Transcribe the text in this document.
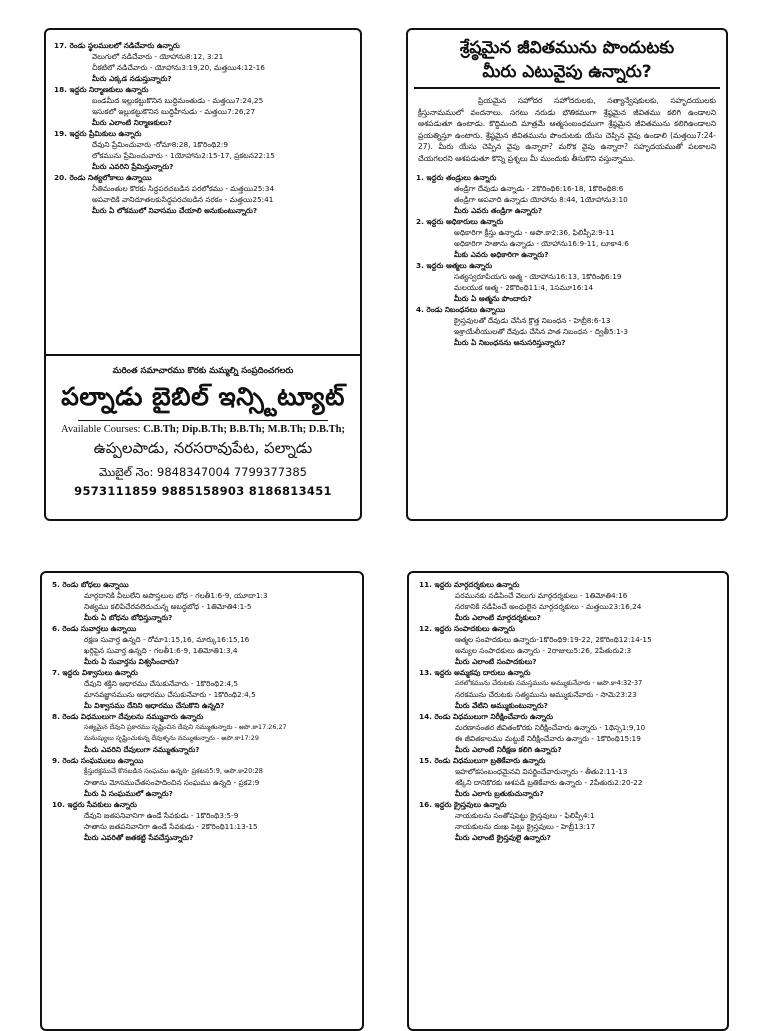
17. రెండు స్థలములలో నడిచేవారు ఉన్నారు
వెలుగులో నడిచేవారు - యోహాను8:12, 3:21
చీకటిలో నడిచేవారు - యోహాను3:19,20, మత్తయి4:12-16
మీరు ఎక్కడ నడుస్తున్నారు?
18. ఇద్దరు నిర్మాణకులు ఉన్నారు
బండమీద ఇల్లుకట్టుకొనిన బుద్ధిమంతుడు - మత్తయి7:24,25
ఇసుకలో ఇల్లుకట్టుకొనిన బుద్ధిహీనుడు - మత్తయి7:26,27
మీరు ఎలాంటి నిర్మాణకులు?
19. ఇద్దరు ప్రేమికులు ఉన్నారు
దేవుని ప్రేమించువారు -రోమా8:28, 1కొరింథి2:9
లోకమును ప్రేమించువారు - 1యోహాను2:15-17, ప్రకటన22:15
మీరు ఎవరిని ప్రేమిస్తున్నారు?
20. రెండు నిత్యలోకాలు ఉన్నాయి
నీతిమంతుల కొరకు సిద్ధపరచబడిన పరలోకము - మత్తయి25:34
అపవాదికి వానిదూతలకుసిద్ధపరచబడిన నరకం - మత్తయి25:41
మీరు ఏ లోకములో నివాసము చేయాలి అనుకుంటున్నారు?
మరింత సమాచారము కొరకు మమ్మల్ని సంప్రదించగలరు
పల్నాడు బైబిల్ ఇన్స్టిట్యూట్
Available Courses: C.B.Th; Dip.B.Th; B.B.Th; M.B.Th; D.B.Th;
ఉప్పలపాడు, నరసరావుపేట, పల్నాడు
మొబైల్ నెం: 9848347004 7799377385
9573111859 9885158903 8186813451
శ్రేష్ఠమైన జీవితమును పొందుటకు
మీరు ఎటువైపు ఉన్నారు?

ప్రియమైన సహోదర సహోదరులకు, సత్యాన్వేషకులకు, సహృదయులకు క్రీస్తునామములో వందనాలు. సగటు నరుడు భౌతికముగా శ్రేష్ఠమైన జీవితము కలిగి ఉండాలని ఆశపడుతూ ఉంటాడు. కొద్దిమంది మాత్రమే ఆత్మసంబంధముగా శ్రేష్ఠమైన జీవితమును కలిగిఉండాలని ప్రయత్నిస్తూ ఉంటారు. శ్రేష్ఠమైన జీవితమును పొందుటకు యేసు చెప్పిన వైపు ఉండాలి (మత్తయి7:24-27). మీరు యేసు చెప్పిన వైపు ఉన్నారా? మరొక వైపు ఉన్నారా? సహృదయముతో పలకాలని చేయగలరని ఆశపడుతూ కొన్ని ప్రశ్నలు మీ ముందుకు తీసుకొని వస్తున్నాము.

1. ఇద్దరు తండ్రులు ఉన్నారు
తండ్రిగా దేవుడు ఉన్నాడు - 2కొరింథి6:16-18, 1కొరింథి8:6
తండ్రిగా అపవాది ఉన్నాడు యోహాను 8:44, 1యోహాను3:10
మీరు ఎవరు తండ్రిగా ఉన్నారు?
2. ఇద్దరు అధికారులు ఉన్నారు
అధికారిగా క్రీస్తు ఉన్నాడు - అపొ.కా2:36, ఫిలిప్పీ2:9-11
అధికారిగా సాతాను ఉన్నాడు - యోహాను16:9-11, లూకా4:6
మీకు ఎవరు అధికారిగా ఉన్నారు?
3. ఇద్దరు ఆత్మలు ఉన్నారు
సత్యస్వరూపియగు ఆత్మ - యోహాను16:13, 1కొరింథి6:19
మలయుక ఆత్మ - 2కొరింథి11:4, 1సమూ16:14
మీరు ఏ ఆత్మను పొందారు?
4. రెండు నిబంధనలు ఉన్నాయి
క్రైస్తవులతో దేవుడు చేసిన క్రొత్త నిబంధన - హెబ్రీ8:6-13
ఇశ్రాయేలీయులతో దేవుడు చేసిన పాత నిబంధన - ద్వితీ5:1-3
మీరు ఏ నిబంధనను అనుసరిస్తున్నారు?
5. రెండు బోధలు ఉన్నాయి
మార్గదానికి వీలులేని అపొస్తలుల బోధ - గలతీ1:6-9, యూదా1:3
నిత్యము కలిపిచేరవలెదుచున్న అబద్ధబోధ - 1తిమోతి4:1-5
మీరు ఏ బోధను బోధిస్తున్నారు?
6. రెండు సువార్తలు ఉన్నాయి
రక్షణ సువార్త ఉన్నది - రోమా1:15,16, మార్కు16:15,16
ఖర్గిపైన సువార్త ఉన్నది - గలతీ1:6-9, 1తిమోతి1:3,4
మీరు ఏ సువార్తను విశ్వసించారు?
7. ఇద్దరు విశ్వాసులు ఉన్నారు
దేవుని శక్తిని ఆధారము చేసుకునేవారు - 1కొరింథి2:4,5
మానవజ్ఞానమును ఆధారము చేసుకునేవారు - 1కొరింథి2:4,5
మీ విశ్వాసము దేనిని ఆధారము చేసుకొని ఉన్నది?
8. రెండు విధములుగా దేవులను నమ్మువారు ఉన్నారు
సత్యమైన దేవుని ప్రకారము సృష్టించిన దేవుని నమ్ముతున్నారు - అపొ.కా17:26,27
మనుష్యులు సృష్టించుకున్న దేవుళ్ళను నమ్ముతున్నారు - అపొ.కా17:29
మీరు ఎవరిని దేవులుగా నమ్ముతున్నారు?
9. రెండు సంఘములు ఉన్నాయి
క్రీస్తురక్తముచే కొనబడిన సంఘము ఉన్నది- ప్రకటన5:9, అపొ.కా20:28
సాతాను మోసముచేతసంపాదించిన సంఘము ఉన్నది - ప్రక2:9
మీరు ఏ సంఘములో ఉన్నారు?
10. ఇద్దరు సేవకులు ఉన్నారు
దేవుని జతపనివానిగా ఉండే సేవకుడు - 1కొరింథి3:5-9
సాతాను జతపనివానిగా ఉండే సేవకుడు - 2కొరింథి11:13-15
మీరు ఎవరితో జతకట్టి సేవచేస్తున్నారు?
11. ఇద్దరు మార్గదర్శకులు ఉన్నారు
పరమునకు నడిపించే వెలుగు మార్గదర్శకులు - 1తిమోతి4:16
నరకానికి నడిపించే అంధులైన మార్గదర్శకులు - మత్తయి23:16,24
మీరు ఎలాంటి మార్గదర్శకులు?
12. ఇద్దరు సంపాదకులు ఉన్నారు
ఆత్మల సంపాదకులు ఉన్నారు-1కొరింథి9:19-22, 2కొరింథి12:14-15
అన్యుల సంపాదకులు ఉన్నారు - 2రాజులు5:26, 2పేతురు2:3
మీరు ఎలాంటి సంపాదకులు?
13. ఇద్దరు అమ్మకపు దారులు ఉన్నారు
పరలోకమును చేరుటకు సమస్తమును అమ్ముకునేవారు - అపొ.కా4:32-37
నరకమును చేరుటకు సత్యమును అమ్ముకునేవారు - సామె23:23
మీరు వేటిని అమ్ముకుంటున్నారు?
14. రెండు విధములుగా నిరీక్షించేవారు ఉన్నారు
మరణానంతర జీవితంకొరకు నిరీక్షించేవారు ఉన్నారు - 1థెస్స1:9,10
ఈ జీవితకాలము మట్టుకే నిరీక్షించేవారు ఉన్నారు - 1కొరింథి15:19
మీరు ఎలాంటి నిరీక్షణ కలిగి ఉన్నారు?
15. రెండు విధములుగా బ్రతికేవారు ఉన్నారు
ఇహలోకసంబంధమైనవి విసర్జించేవారున్నారు - తీతు2:11-13
శక్కిని దానికొరకు ఆశపడి బ్రతికేవారు ఉన్నారు - 2పేతురు2:20-22
మీరు ఎలాగు బ్రతుకుచున్నారు?
16. ఇద్దరు క్రైస్తవులు ఉన్నారు
నాయకులను సంతోషపెట్టు క్రైస్తవులు - ఫిలిప్పీ4:1
నాయకులను దుఃఖ పెట్టు క్రైస్తవులు - హెబ్రీ13:17
మీరు ఎలాంటి క్రైస్తవులై ఉన్నారు?
